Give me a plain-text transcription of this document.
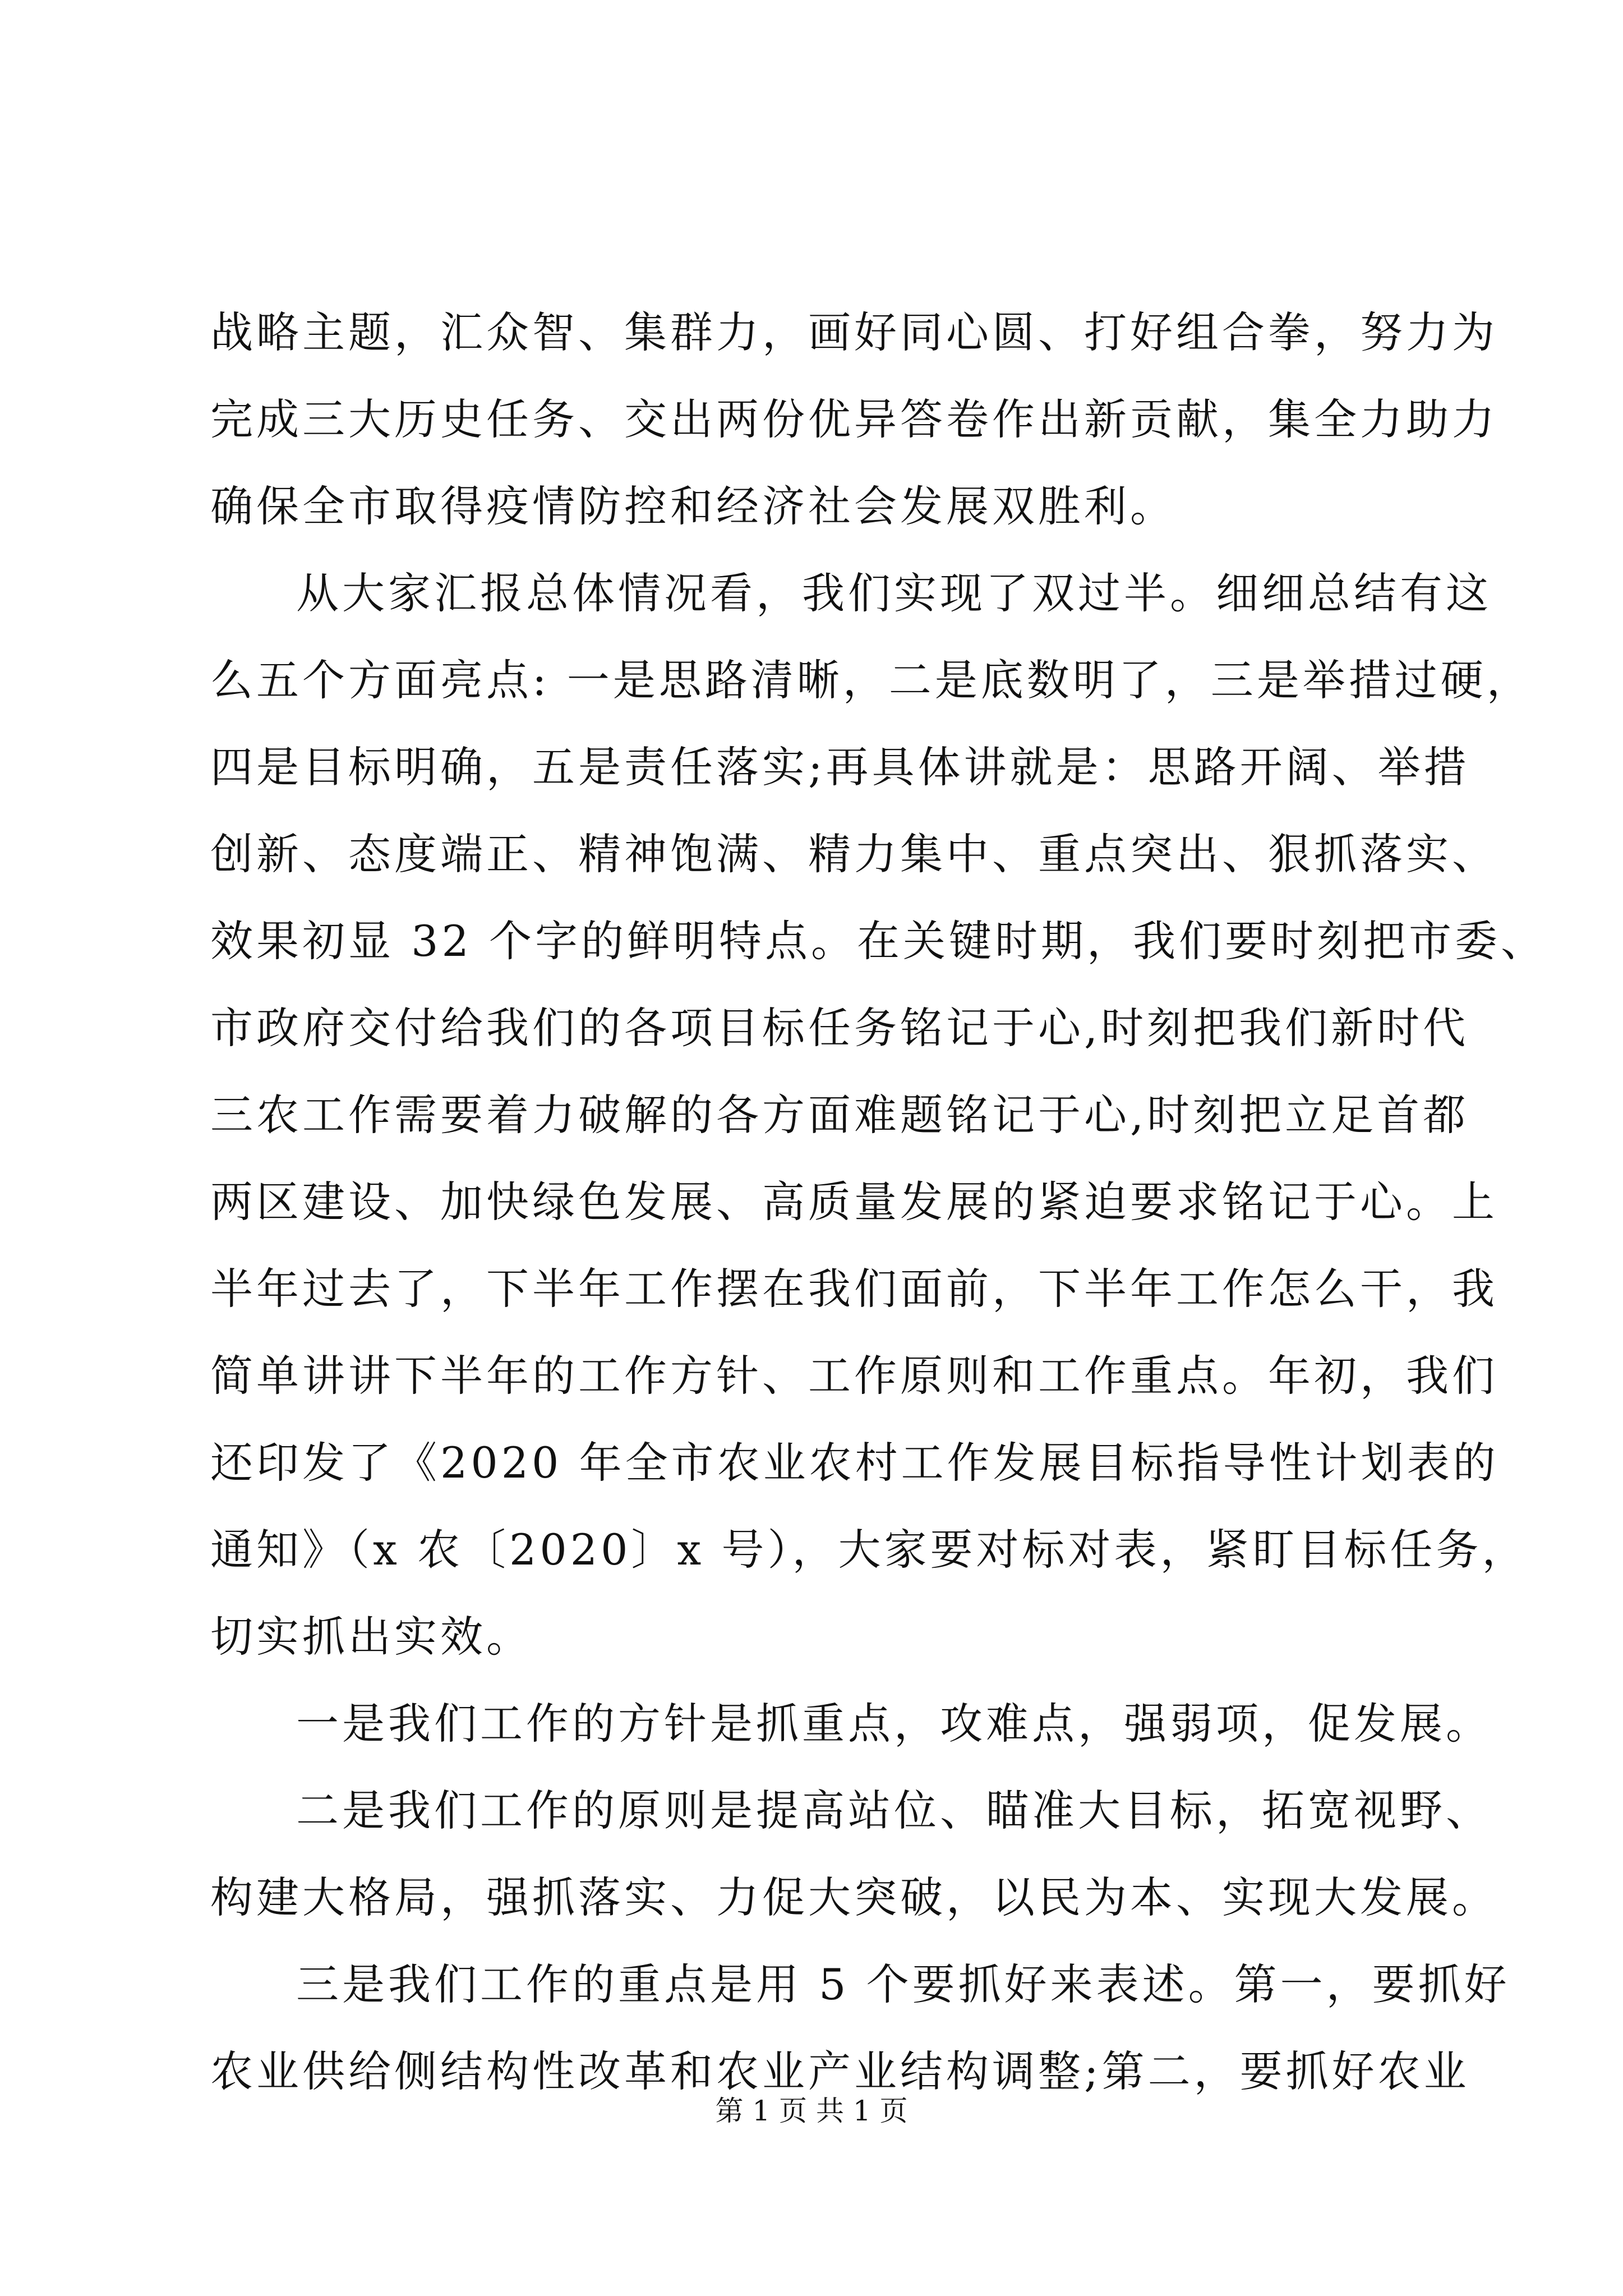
战略主题，汇众智、集群力，画好同心圆、打好组合拳，努力为

完成三大历史任务、交出两份优异答卷作出新贡献，集全力助力

确保全市取得疫情防控和经济社会发展双胜利。

从大家汇报总体情况看，我们实现了双过半。细细总结有这

么五个方面亮点: 一是思路清晰，二是底数明了，三是举措过硬，

四是目标明确，五是责任落实;再具体讲就是：思路开阔、举措

创新、态度端正、精神饱满、精力集中、重点突出、狠抓落实、

效果初显 32 个字的鲜明特点。在关键时期，我们要时刻把市委、

市政府交付给我们的各项目标任务铭记于心,时刻把我们新时代

三农工作需要着力破解的各方面难题铭记于心,时刻把立足首都

两区建设、加快绿色发展、高质量发展的紧迫要求铭记于心。上

半年过去了，下半年工作摆在我们面前，下半年工作怎么干，我

简单讲讲下半年的工作方针、工作原则和工作重点。年初，我们

还印发了《2020 年全市农业农村工作发展目标指导性计划表的

通知》（x 农〔2020〕x 号），大家要对标对表，紧盯目标任务，

切实抓出实效。

一是我们工作的方针是抓重点，攻难点，强弱项，促发展。

二是我们工作的原则是提高站位、瞄准大目标，拓宽视野、

构建大格局，强抓落实、力促大突破，以民为本、实现大发展。

三是我们工作的重点是用 5 个要抓好来表述。第一，要抓好

农业供给侧结构性改革和农业产业结构调整;第二，要抓好农业

第 1 页 共 1 页
